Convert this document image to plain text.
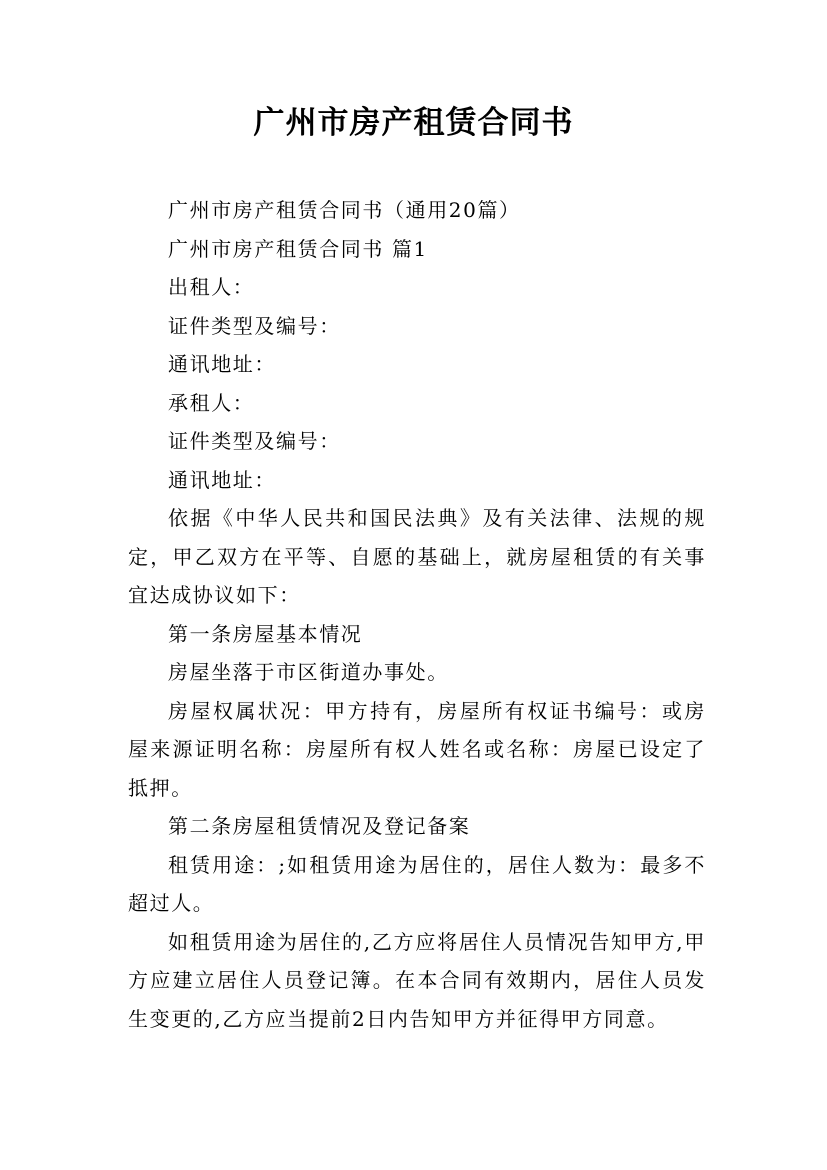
广州市房产租赁合同书

广州市房产租赁合同书（通用20篇）

广州市房产租赁合同书 篇1

出租人：

证件类型及编号：

通讯地址：

承租人：

证件类型及编号：

通讯地址：

依据《中华人民共和国民法典》及有关法律、法规的规定，甲乙双方在平等、自愿的基础上，就房屋租赁的有关事宜达成协议如下：

第一条房屋基本情况

房屋坐落于市区街道办事处。

房屋权属状况：甲方持有，房屋所有权证书编号：或房屋来源证明名称：房屋所有权人姓名或名称：房屋已设定了抵押。

第二条房屋租赁情况及登记备案

租赁用途：;如租赁用途为居住的，居住人数为：最多不超过人。

如租赁用途为居住的,乙方应将居住人员情况告知甲方,甲方应建立居住人员登记簿。在本合同有效期内，居住人员发生变更的,乙方应当提前2日内告知甲方并征得甲方同意。
